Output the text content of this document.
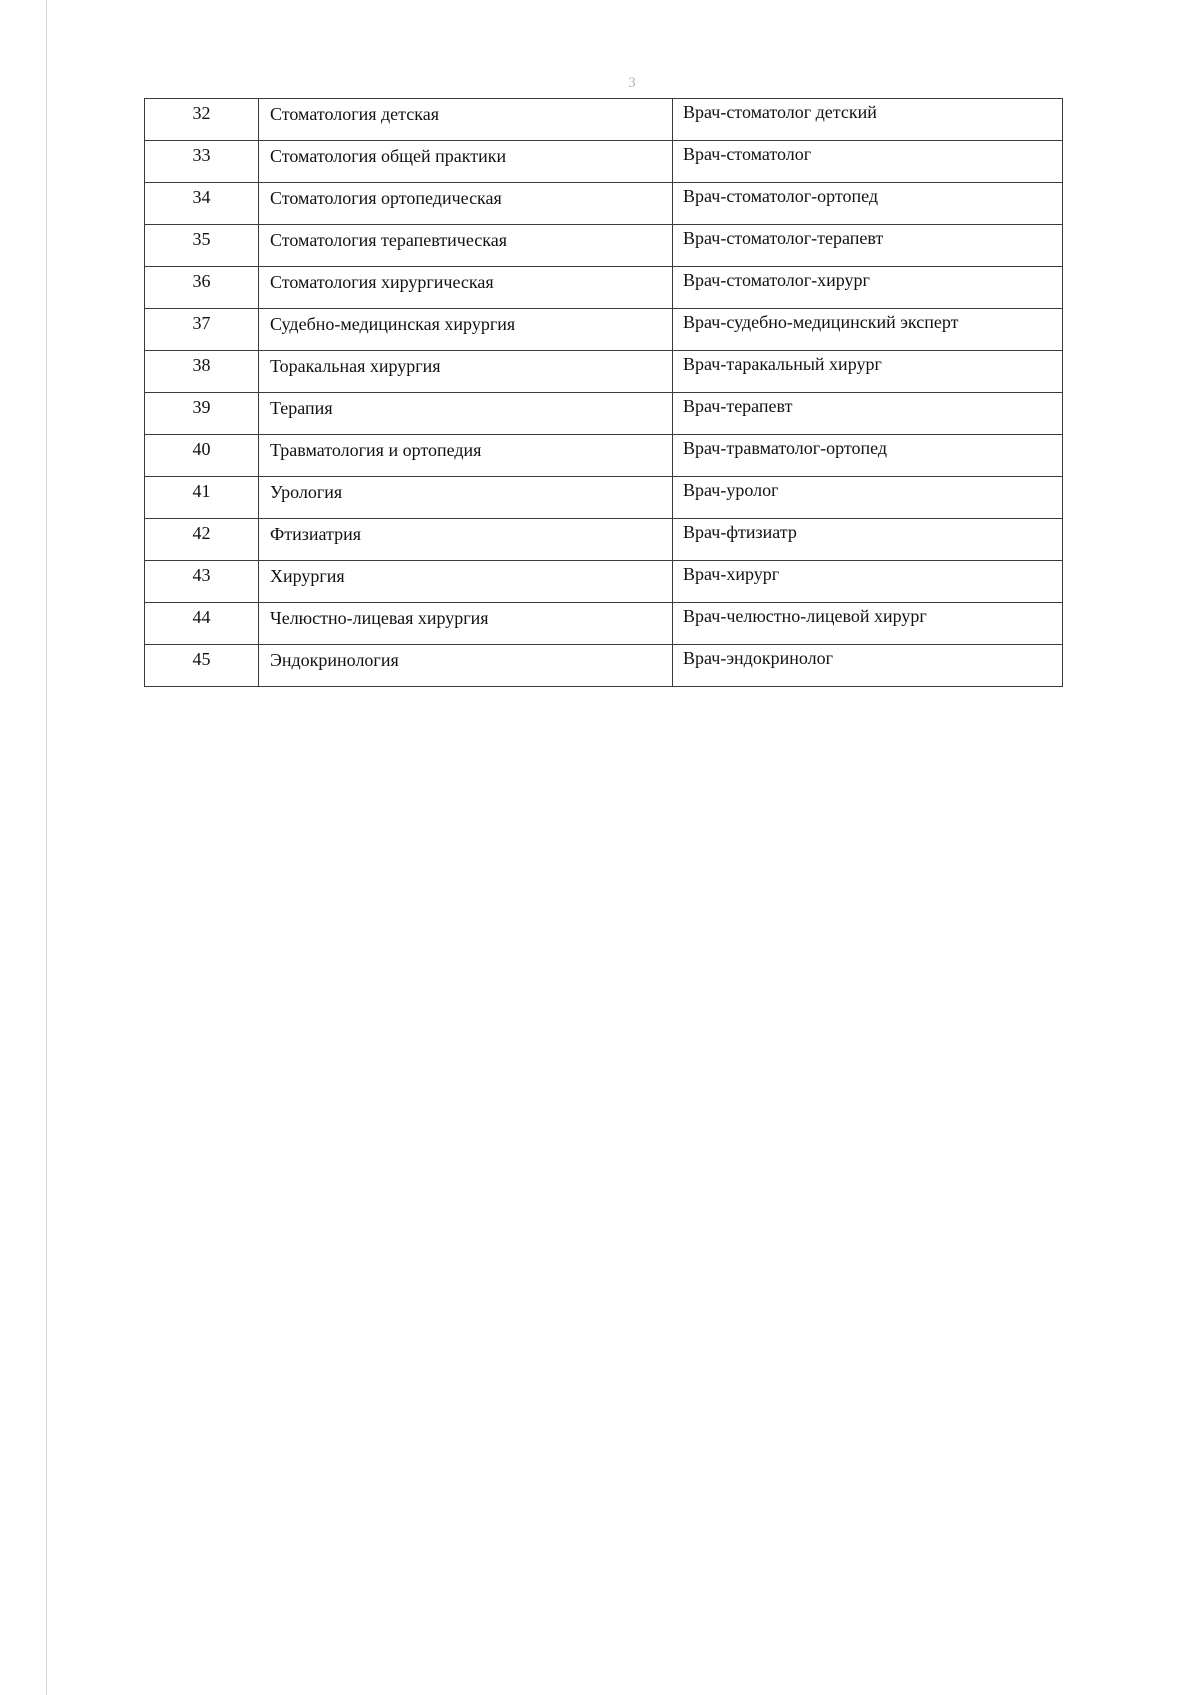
3
32	Стоматология детская	Врач-стоматолог детский
33	Стоматология общей практики	Врач-стоматолог
34	Стоматология ортопедическая	Врач-стоматолог-ортопед
35	Стоматология терапевтическая	Врач-стоматолог-терапевт
36	Стоматология хирургическая	Врач-стоматолог-хирург
37	Судебно-медицинская хирургия	Врач-судебно-медицинский эксперт
38	Торакальная хирургия	Врач-таракальный хирург
39	Терапия	Врач-терапевт
40	Травматология и ортопедия	Врач-травматолог-ортопед
41	Урология	Врач-уролог
42	Фтизиатрия	Врач-фтизиатр
43	Хирургия	Врач-хирург
44	Челюстно-лицевая хирургия	Врач-челюстно-лицевой хирург
45	Эндокринология	Врач-эндокринолог
